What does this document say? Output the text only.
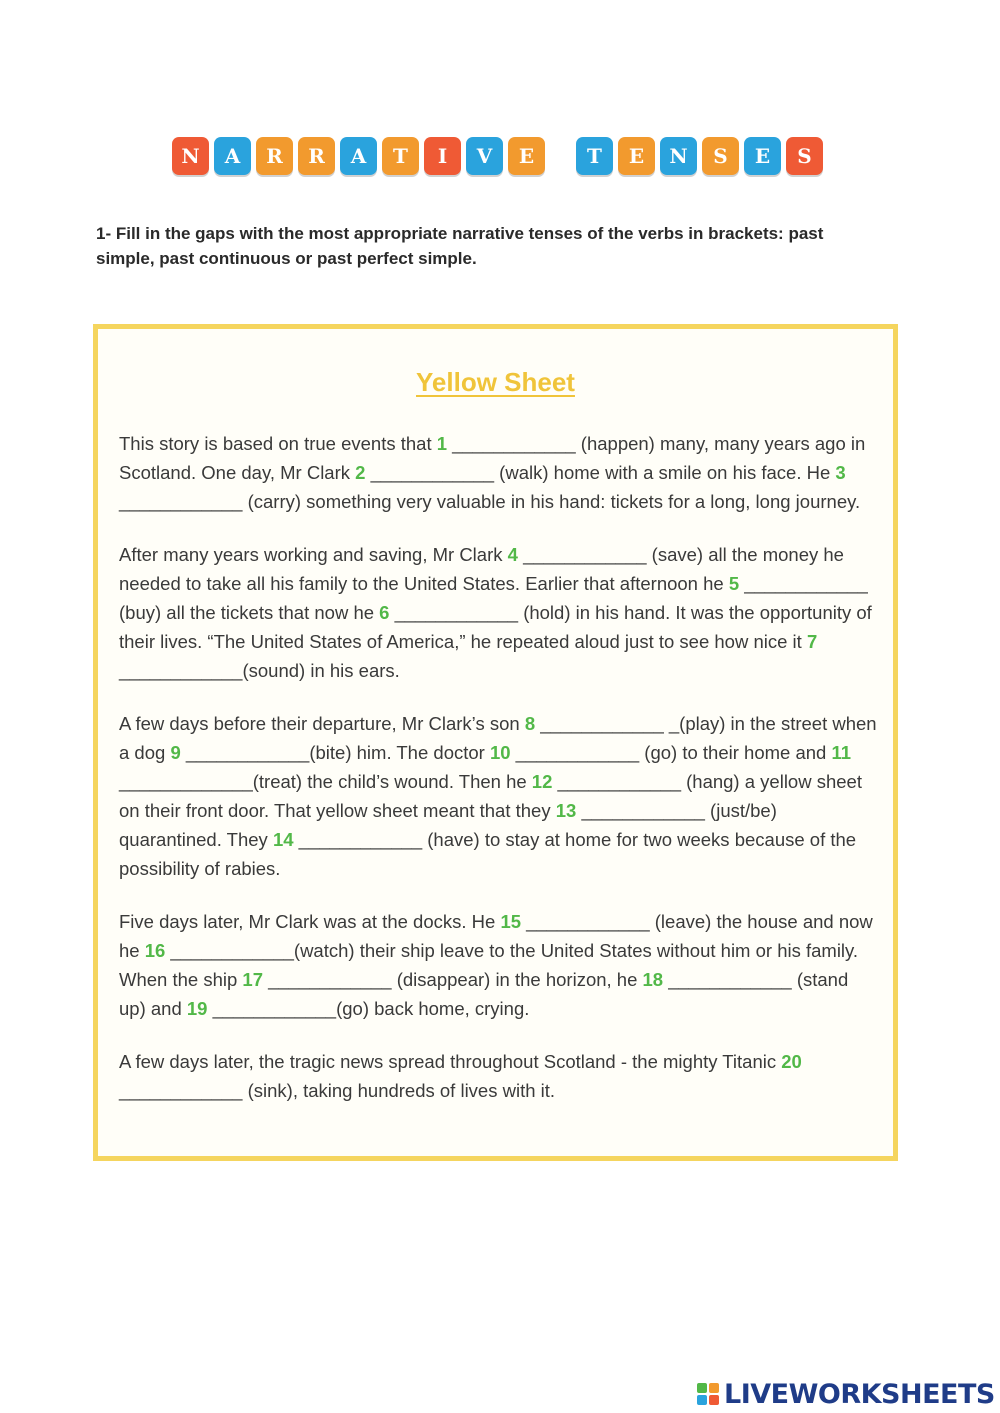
N	A	R	R	A	T	I	V	E	T	E	N	S	E	S
1- Fill in the gaps with the most appropriate narrative tenses of the verbs in brackets: past simple, past continuous or past perfect simple.
Yellow Sheet

This story is based on true events that 1 ____________ (happen) many, many years ago in Scotland. One day, Mr Clark 2 ____________ (walk) home with a smile on his face. He 3 ____________ (carry) something very valuable in his hand: tickets for a long, long journey.

After many years working and saving, Mr Clark 4 ____________ (save) all the money he needed to take all his family to the United States. Earlier that afternoon he 5 ____________ (buy) all the tickets that now he 6 ____________ (hold) in his hand. It was the opportunity of their lives. “The United States of America,” he repeated aloud just to see how nice it 7 ____________(sound) in his ears.

A few days before their departure, Mr Clark’s son 8 ____________ _(play) in the street when a dog 9 ____________(bite) him. The doctor 10 ____________ (go) to their home and 11 _____________(treat) the child’s wound. Then he 12 ____________ (hang) a yellow sheet on their front door. That yellow sheet meant that they 13 ____________ (just/be) quarantined. They 14 ____________ (have) to stay at home for two weeks because of the possibility of rabies.

Five days later, Mr Clark was at the docks. He 15 ____________ (leave) the house and now he 16 ____________(watch) their ship leave to the United States without him or his family. When the ship 17 ____________ (disappear) in the horizon, he 18 ____________ (stand up) and 19 ____________(go) back home, crying.

A few days later, the tragic news spread throughout Scotland - the mighty Titanic 20 ____________ (sink), taking hundreds of lives with it.

LIVEWORKSHEETS
